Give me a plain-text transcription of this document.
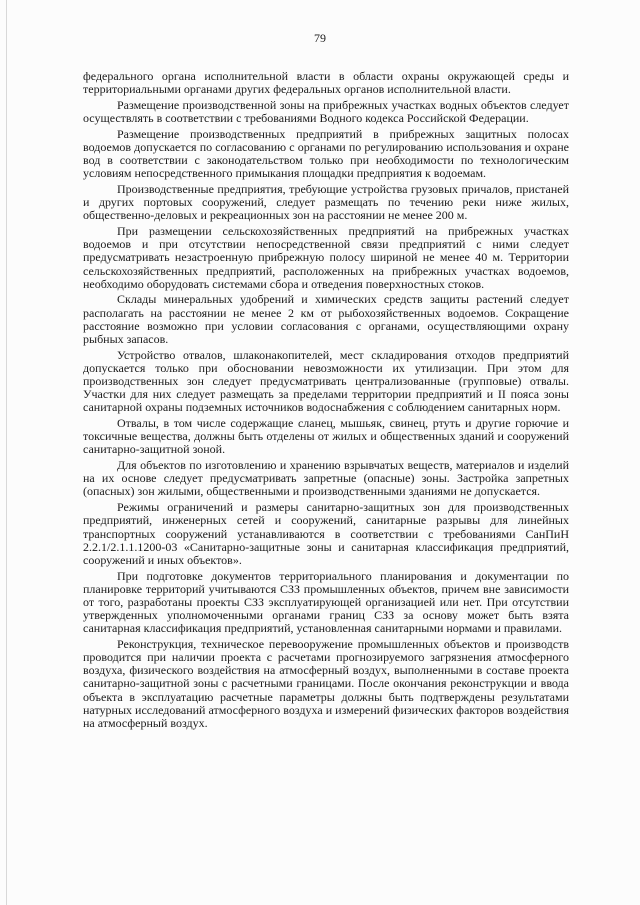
79

федерального органа исполнительной власти в области охраны окружающей среды и территориальными органами других федеральных органов исполнительной власти.

Размещение производственной зоны на прибрежных участках водных объектов следует осуществлять в соответствии с требованиями Водного кодекса Российской Федерации.

Размещение производственных предприятий в прибрежных защитных полосах водоемов допускается по согласованию с органами по регулированию использования и охране вод в соответствии с законодательством только при необходимости по технологическим условиям непосредственного примыкания площадки предприятия к водоемам.

Производственные предприятия, требующие устройства грузовых причалов, пристаней и других портовых сооружений, следует размещать по течению реки ниже жилых, общественно-деловых и рекреационных зон на расстоянии не менее 200 м.

При размещении сельскохозяйственных предприятий на прибрежных участках водоемов и при отсутствии непосредственной связи предприятий с ними следует предусматривать незастроенную прибрежную полосу шириной не менее 40 м. Территории сельскохозяйственных предприятий, расположенных на прибрежных участках водоемов, необходимо оборудовать системами сбора и отведения поверхностных стоков.

Склады минеральных удобрений и химических средств защиты растений следует располагать на расстоянии не менее 2 км от рыбохозяйственных водоемов. Сокращение расстояние возможно при условии согласования с органами, осуществляющими охрану рыбных запасов.

Устройство отвалов, шлаконакопителей, мест складирования отходов предприятий допускается только при обосновании невозможности их утилизации. При этом для производственных зон следует предусматривать централизованные (групповые) отвалы. Участки для них следует размещать за пределами территории предприятий и II пояса зоны санитарной охраны подземных источников водоснабжения с соблюдением санитарных норм.

Отвалы, в том числе содержащие сланец, мышьяк, свинец, ртуть и другие горючие и токсичные вещества, должны быть отделены от жилых и общественных зданий и сооружений санитарно-защитной зоной.

Для объектов по изготовлению и хранению взрывчатых веществ, материалов и изделий на их основе следует предусматривать запретные (опасные) зоны. Застройка запретных (опасных) зон жилыми, общественными и производственными зданиями не допускается.

Режимы ограничений и размеры санитарно-защитных зон для производственных предприятий, инженерных сетей и сооружений, санитарные разрывы для линейных транспортных сооружений устанавливаются в соответствии с требованиями СанПиН 2.2.1/2.1.1.1200-03 «Санитарно-защитные зоны и санитарная классификация предприятий, сооружений и иных объектов».

При подготовке документов территориального планирования и документации по планировке территорий учитываются СЗЗ промышленных объектов, причем вне зависимости от того, разработаны проекты СЗЗ эксплуатирующей организацией или нет. При отсутствии утвержденных уполномоченными органами границ СЗЗ за основу может быть взята санитарная классификация предприятий, установленная санитарными нормами и правилами.

Реконструкция, техническое перевооружение промышленных объектов и производств проводится при наличии проекта с расчетами прогнозируемого загрязнения атмосферного воздуха, физического воздействия на атмосферный воздух, выполненными в составе проекта санитарно-защитной зоны с расчетными границами. После окончания реконструкции и ввода объекта в эксплуатацию расчетные параметры должны быть подтверждены результатами натурных исследований атмосферного воздуха и измерений физических факторов воздействия на атмосферный воздух.
